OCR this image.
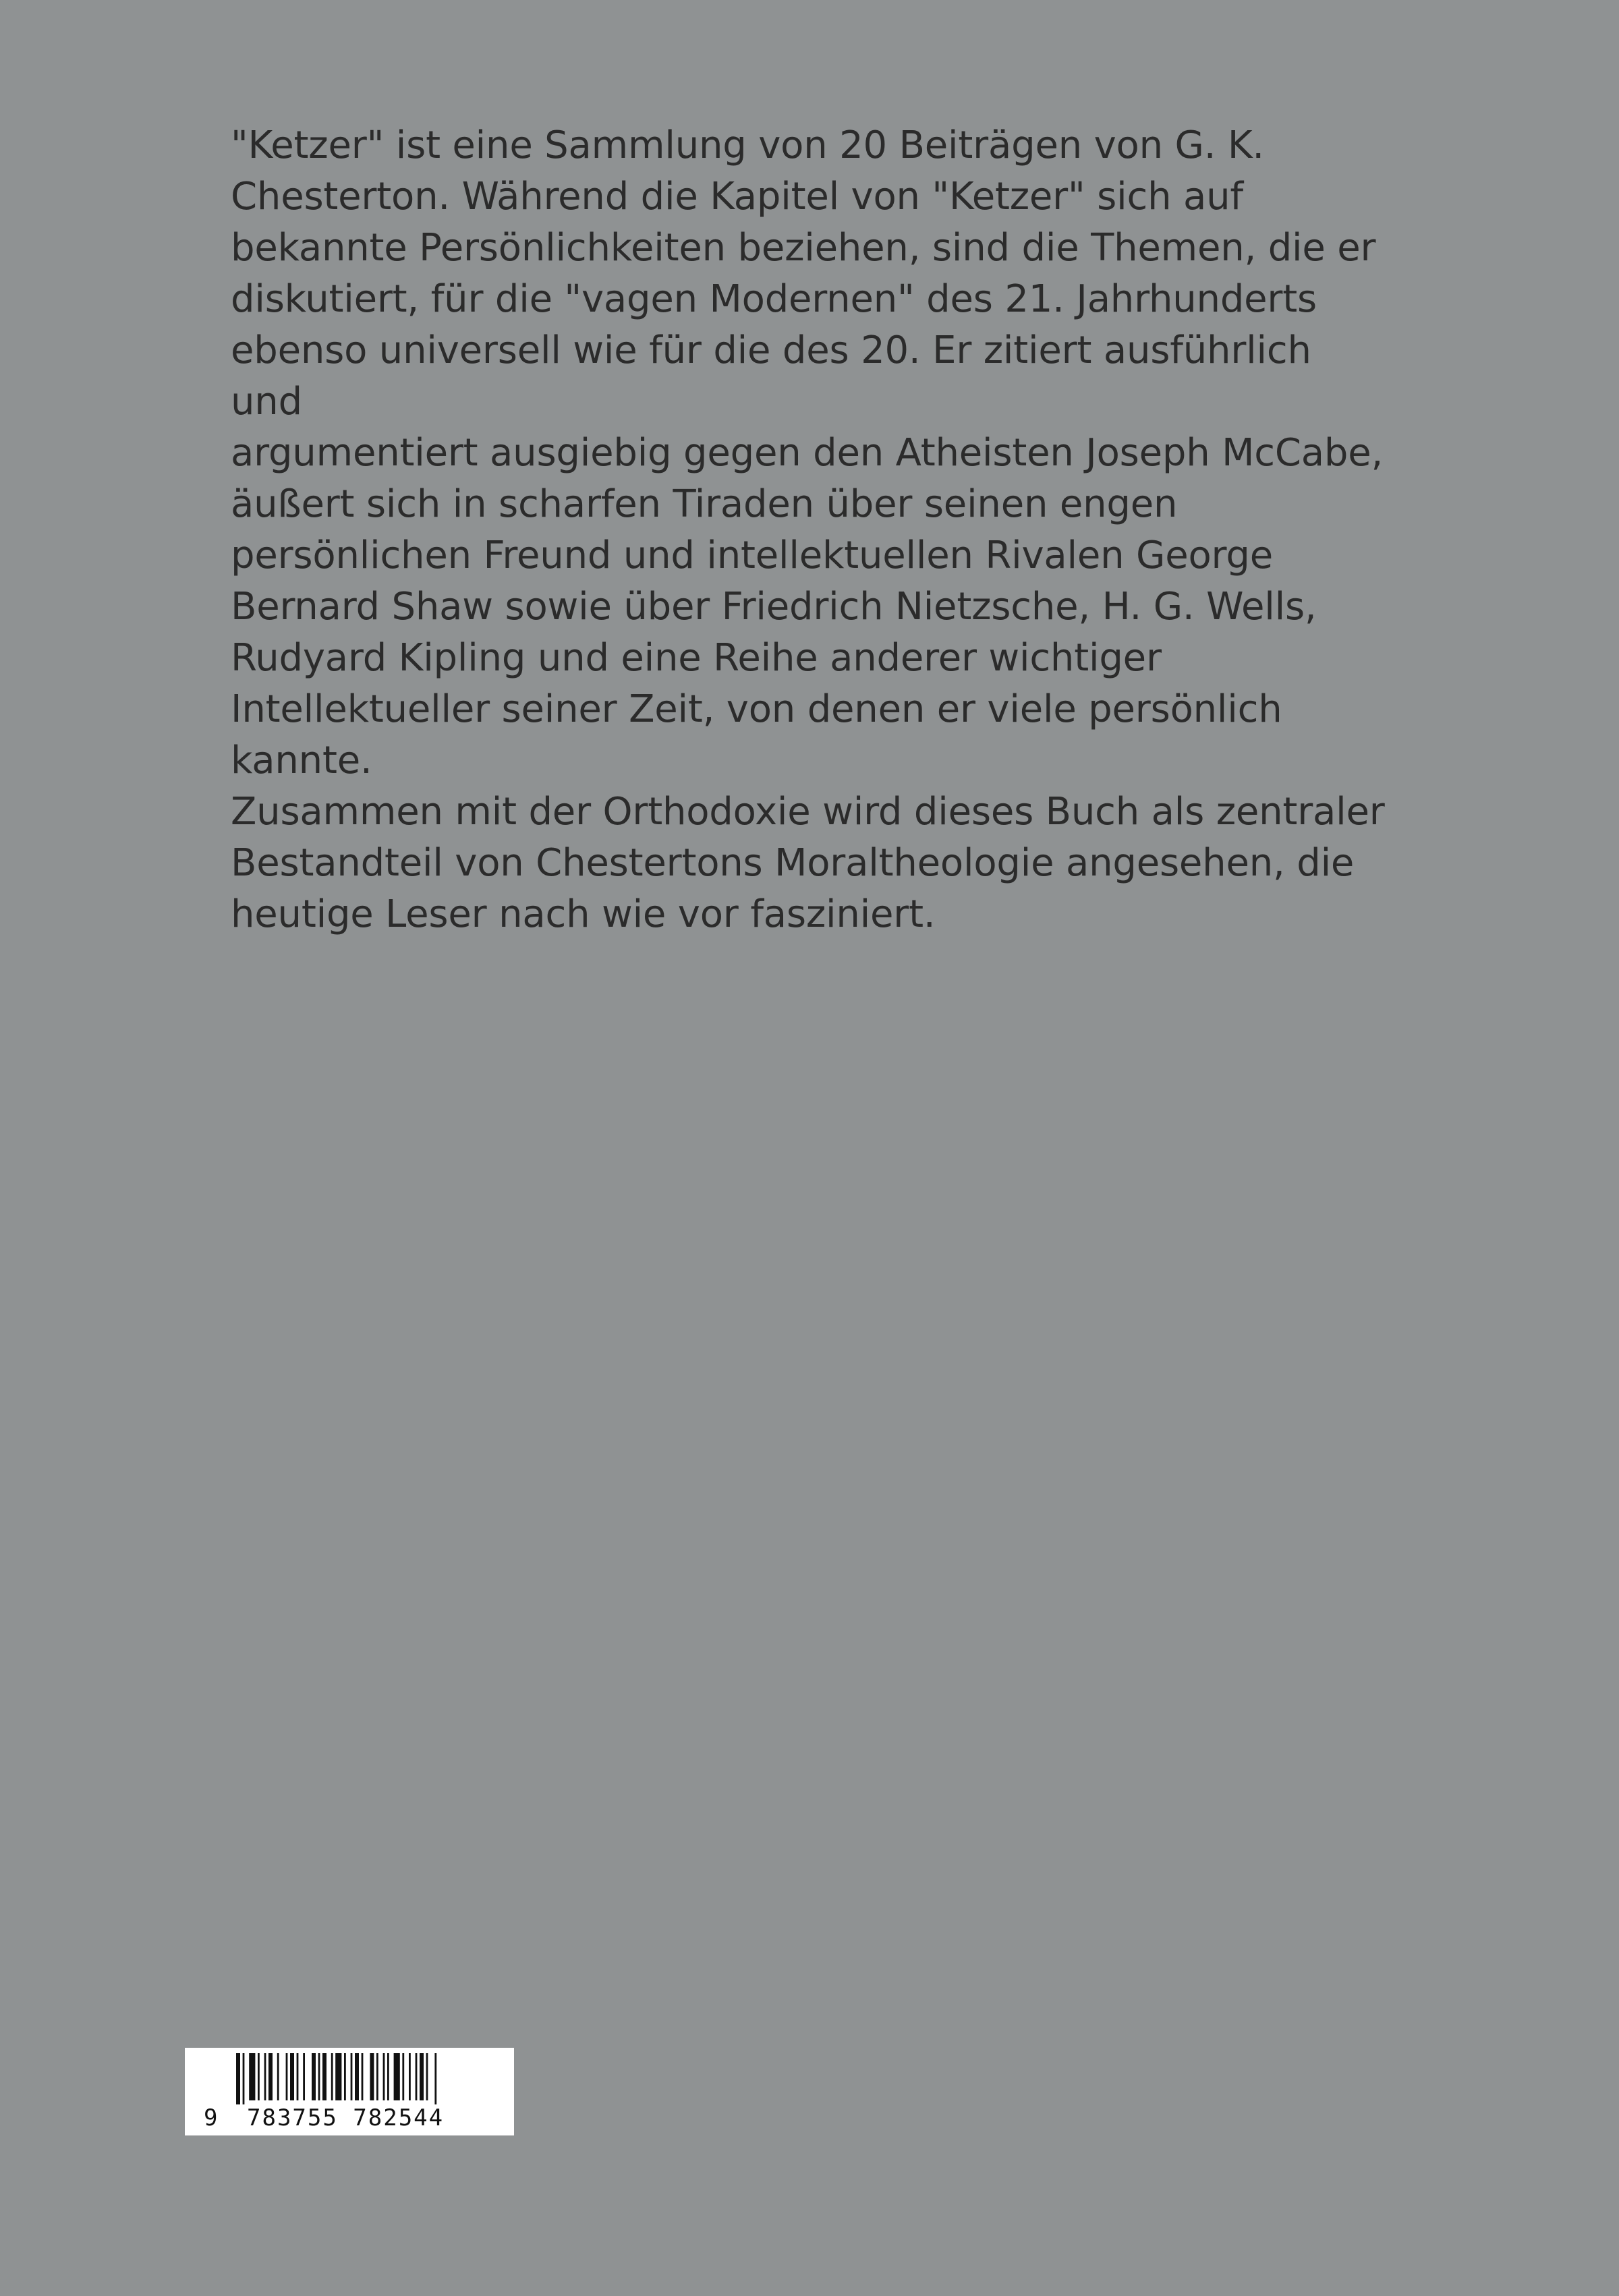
"Ketzer" ist eine Sammlung von 20 Beiträgen von G. K.
Chesterton. Während die Kapitel von "Ketzer" sich auf
bekannte Persönlichkeiten beziehen, sind die Themen, die er
diskutiert, für die "vagen Modernen" des 21. Jahrhunderts
ebenso universell wie für die des 20. Er zitiert ausführlich und
argumentiert ausgiebig gegen den Atheisten Joseph McCabe,
äußert sich in scharfen Tiraden über seinen engen
persönlichen Freund und intellektuellen Rivalen George
Bernard Shaw sowie über Friedrich Nietzsche, H. G. Wells,
Rudyard Kipling und eine Reihe anderer wichtiger
Intellektueller seiner Zeit, von denen er viele persönlich
kannte.

Zusammen mit der Orthodoxie wird dieses Buch als zentraler
Bestandteil von Chestertons Moraltheologie angesehen, die
heutige Leser nach wie vor fasziniert.

9 783755 782544
